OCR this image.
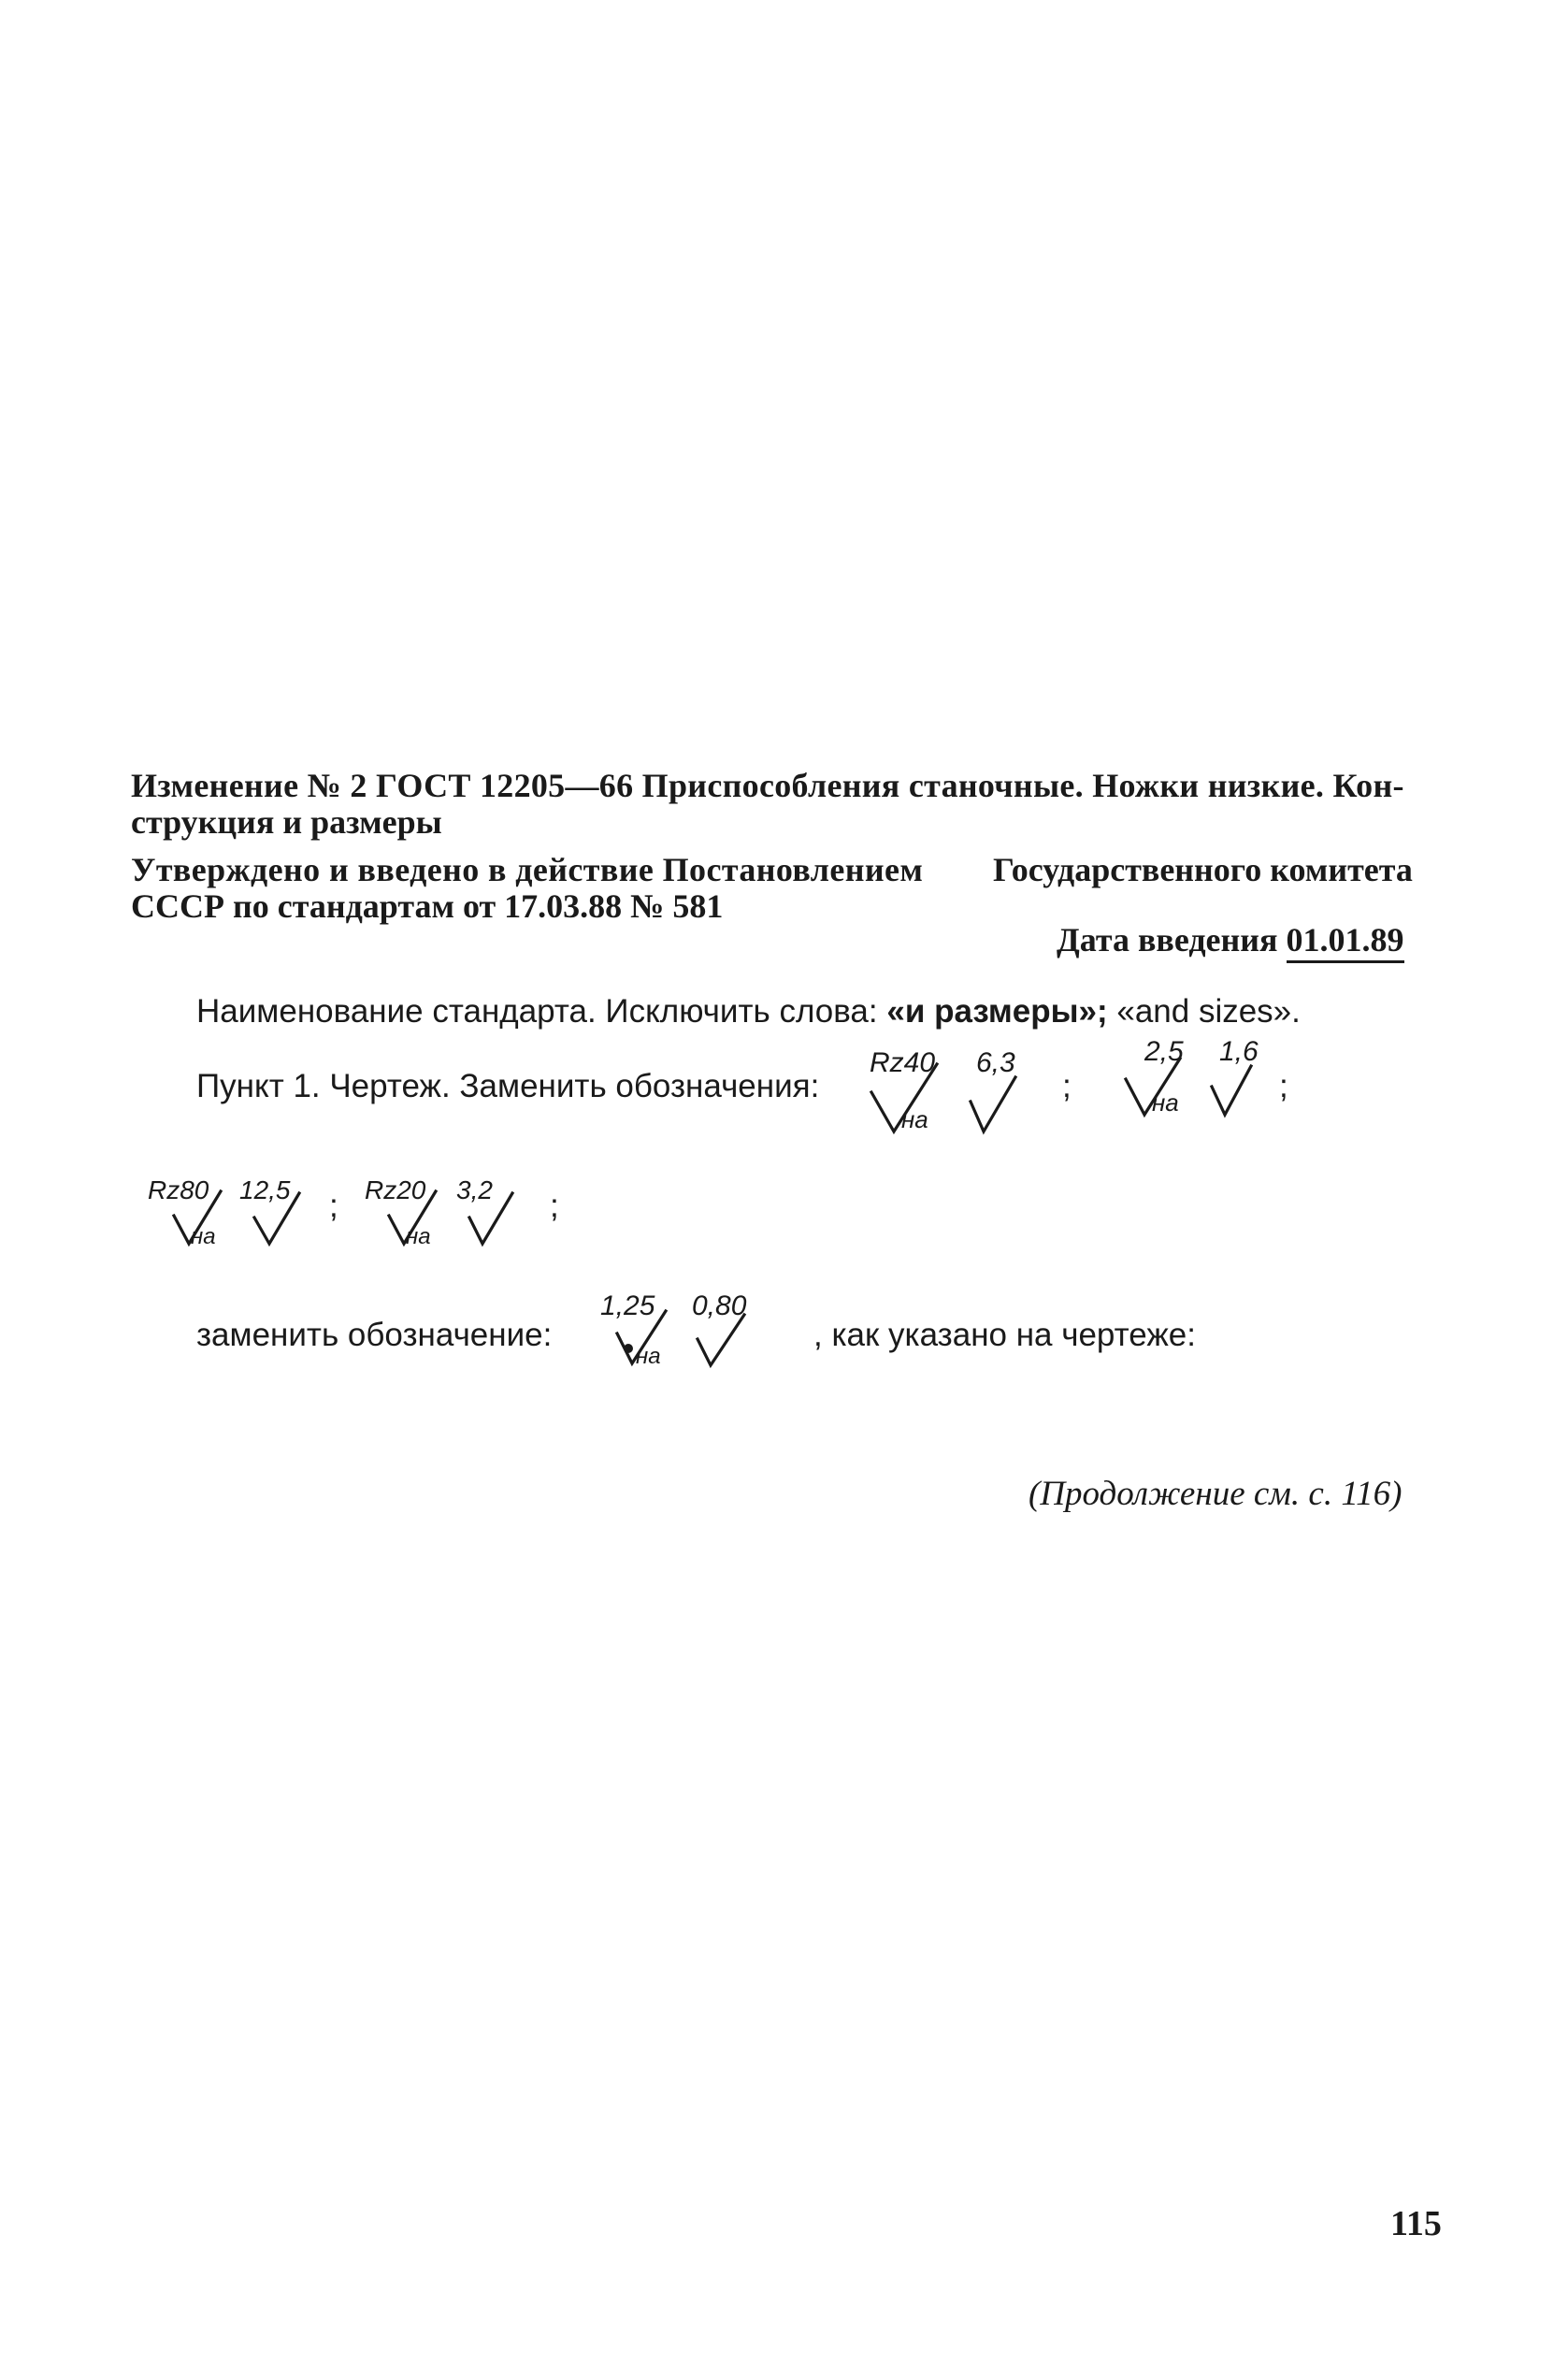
Изменение № 2 ГОСТ 12205—66 Приспособления станочные. Ножки низкие. Кон-
струкция и размеры
Утверждено и введено в действие Постановлением Государственного комитета
СССР по стандартам от 17.03.88 № 581
Дата введения 01.01.89
Наименование стандарта. Исключить слова: «и размеры»; «and sizes».
Пункт 1. Чертеж. Заменить обозначения:
Rz40
на
6,3
;
2,5
на
1,6
;
Rz80
на
12,5 ; Rz20
на
3,2 ;
заменить обозначение:
1,25
на
0,80
, как указано на чертеже:
(Продолжение см. с. 116)
115
